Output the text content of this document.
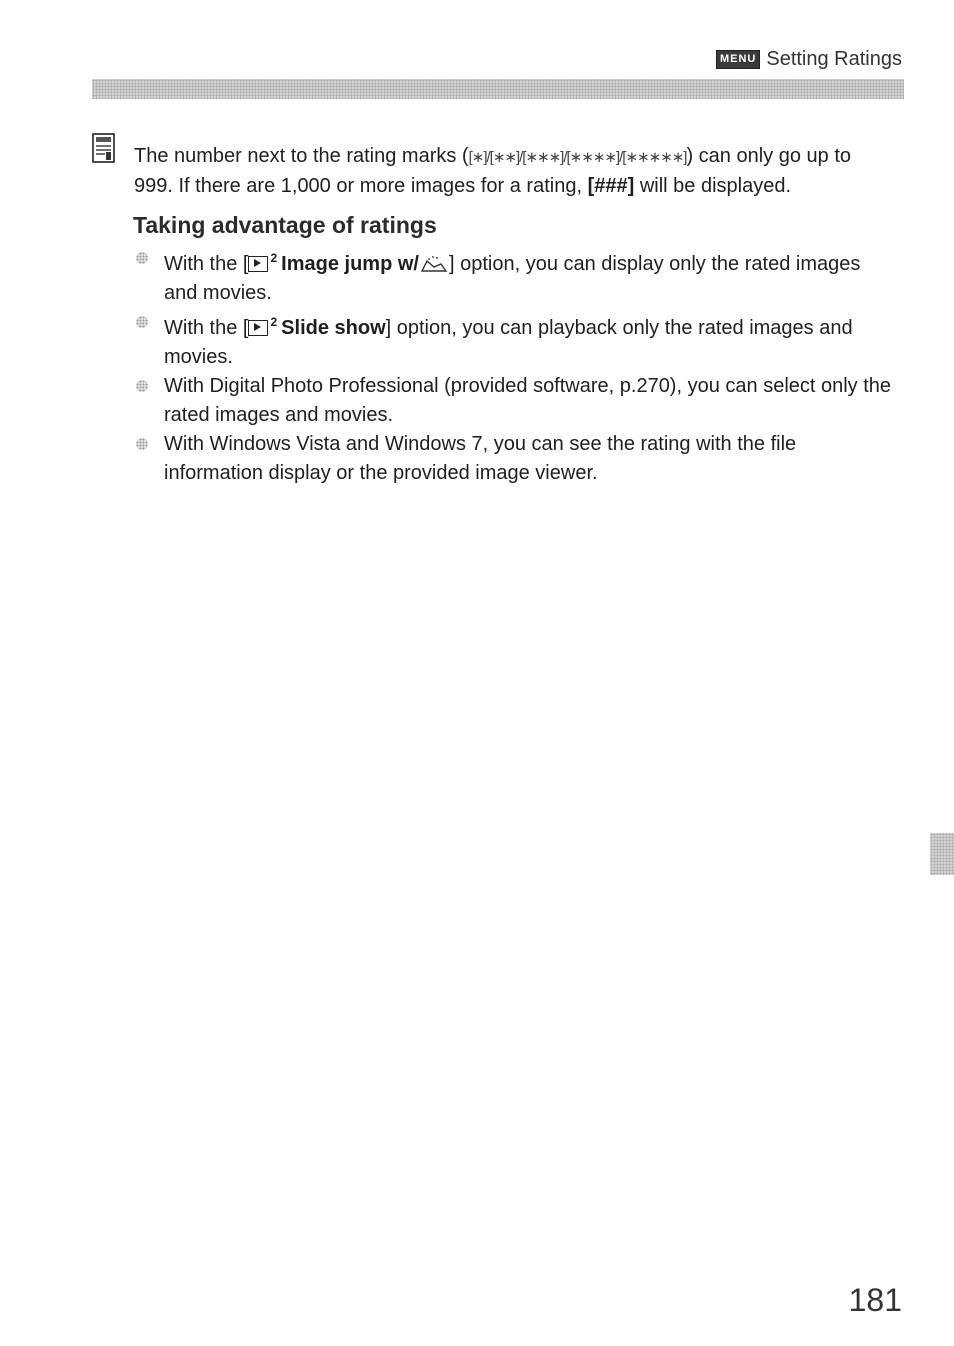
MENU Setting Ratings
The number next to the rating marks ([∗]/[∗∗]/[∗∗∗]/[∗∗∗∗]/[∗∗∗∗∗]) can only go up to 999. If there are 1,000 or more images for a rating, [###] will be displayed.
Taking advantage of ratings
With the [ $^2$ Image jump w/ ] option, you can display only the rated images and movies.
With the [ $^2$ Slide show] option, you can playback only the rated images and movies.
With Digital Photo Professional (provided software, p.270), you can select only the rated images and movies.
With Windows Vista and Windows 7, you can see the rating with the file information display or the provided image viewer.
181
